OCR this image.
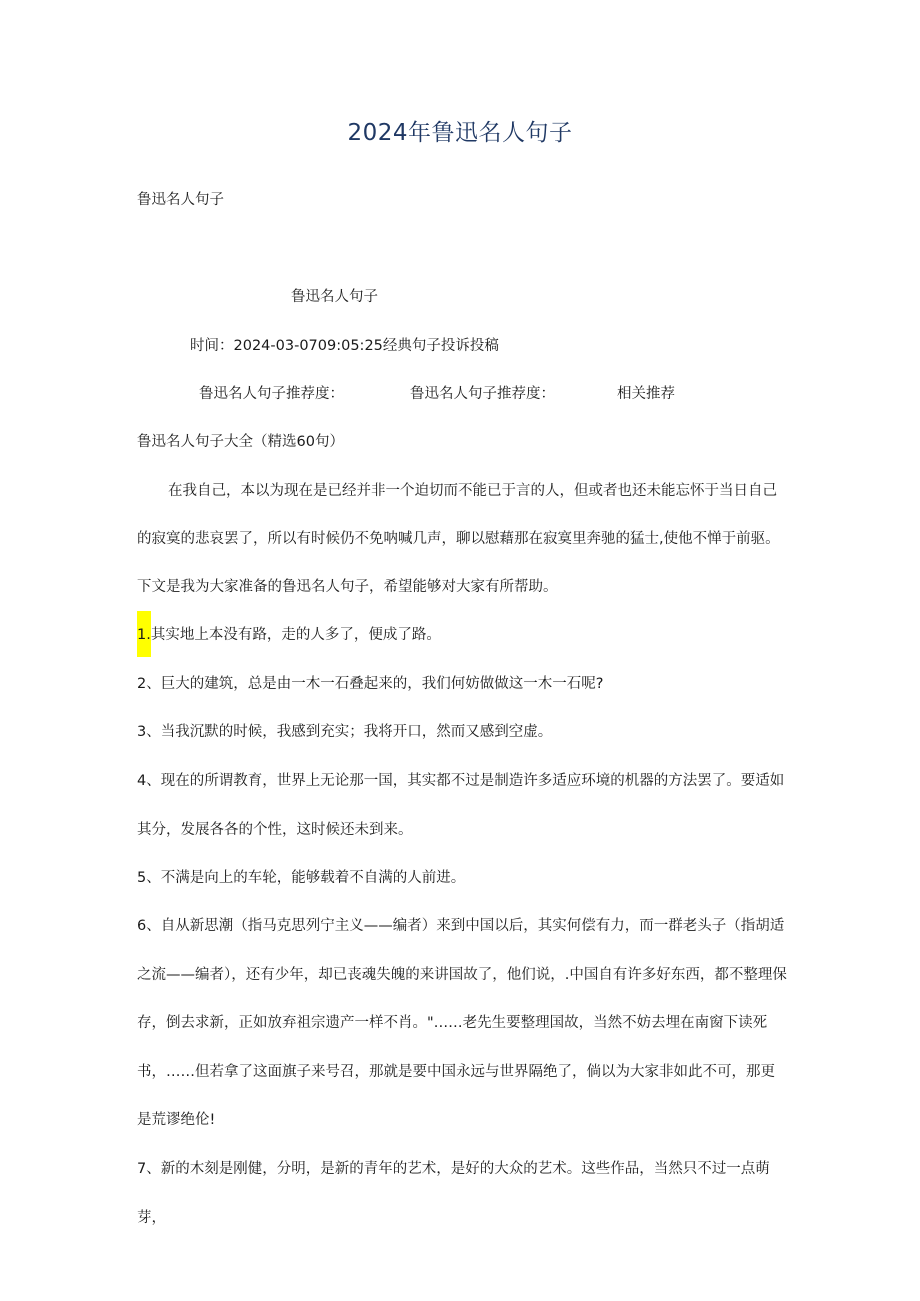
2024年鲁迅名人句子
鲁迅名人句子
鲁迅名人句子
时间：2024-03-0709:05:25经典句子投诉投稿
鲁迅名人句子推荐度：	鲁迅名人句子推荐度：	相关推荐
鲁迅名人句子大全（精选60句）
在我自己，本以为现在是已经并非一个迫切而不能已于言的人，但或者也还未能忘怀于当日自己
的寂寞的悲哀罢了，所以有时候仍不免呐喊几声，聊以慰藉那在寂寞里奔驰的猛士,使他不惮于前驱。
下文是我为大家准备的鲁迅名人句子，希望能够对大家有所帮助。
1.其实地上本没有路，走的人多了，便成了路。
2、巨大的建筑，总是由一木一石叠起来的，我们何妨做做这一木一石呢?
3、当我沉默的时候，我感到充实；我将开口，然而又感到空虚。
4、现在的所谓教育，世界上无论那一国，其实都不过是制造许多适应环境的机器的方法罢了。要适如其分，发展各各的个性，这时候还未到来。
5、不满是向上的车轮，能够载着不自满的人前进。
6、自从新思潮（指马克思列宁主义——编者）来到中国以后，其实何偿有力，而一群老头子（指胡适之流——编者），还有少年，却已丧魂失魄的来讲国故了，他们说，.中国自有许多好东西，都不整理保存，倒去求新，正如放弃祖宗遗产一样不肖。"……老先生要整理国故，当然不妨去埋在南窗下读死书，……但若拿了这面旗子来号召，那就是要中国永远与世界隔绝了，倘以为大家非如此不可，那更是荒谬绝伦!
7、新的木刻是刚健，分明，是新的青年的艺术，是好的大众的艺术。这些作品，当然只不过一点萌芽，
